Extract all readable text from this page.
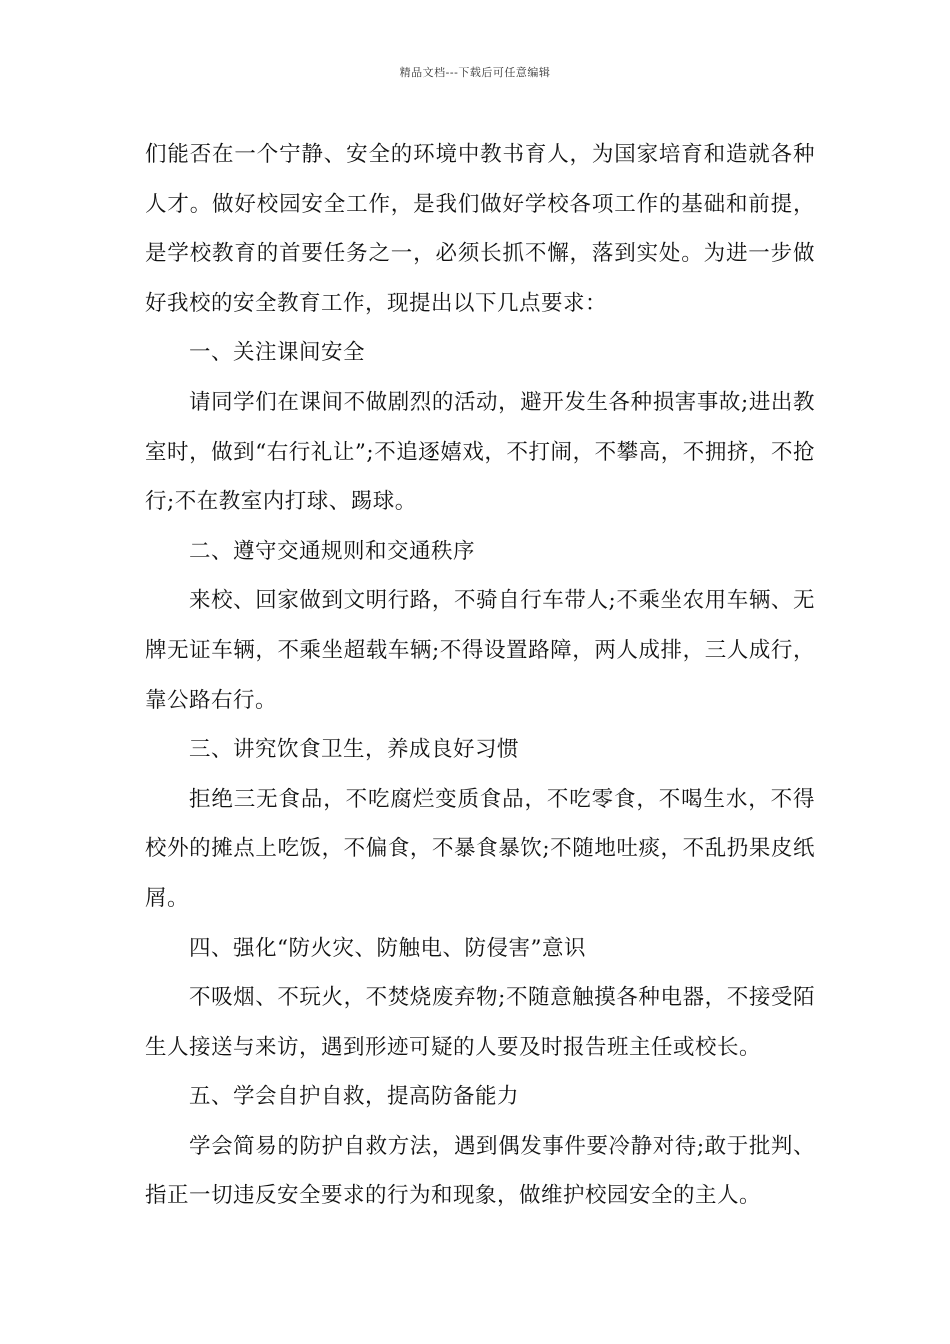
精品文档---下载后可任意编辑

们能否在一个宁静、安全的环境中教书育人，为国家培育和造就各种人才。做好校园安全工作，是我们做好学校各项工作的基础和前提，是学校教育的首要任务之一，必须长抓不懈，落到实处。为进一步做好我校的安全教育工作，现提出以下几点要求：

一、关注课间安全

请同学们在课间不做剧烈的活动，避开发生各种损害事故;进出教室时，做到“右行礼让”;不追逐嬉戏，不打闹，不攀高，不拥挤，不抢行;不在教室内打球、踢球。

二、遵守交通规则和交通秩序

来校、回家做到文明行路，不骑自行车带人;不乘坐农用车辆、无牌无证车辆，不乘坐超载车辆;不得设置路障，两人成排，三人成行，靠公路右行。

三、讲究饮食卫生，养成良好习惯

拒绝三无食品，不吃腐烂变质食品，不吃零食，不喝生水，不得校外的摊点上吃饭，不偏食，不暴食暴饮;不随地吐痰，不乱扔果皮纸屑。

四、强化“防火灾、防触电、防侵害”意识

不吸烟、不玩火，不焚烧废弃物;不随意触摸各种电器，不接受陌生人接送与来访，遇到形迹可疑的人要及时报告班主任或校长。

五、学会自护自救，提高防备能力

学会简易的防护自救方法，遇到偶发事件要冷静对待;敢于批判、指正一切违反安全要求的行为和现象，做维护校园安全的主人。
